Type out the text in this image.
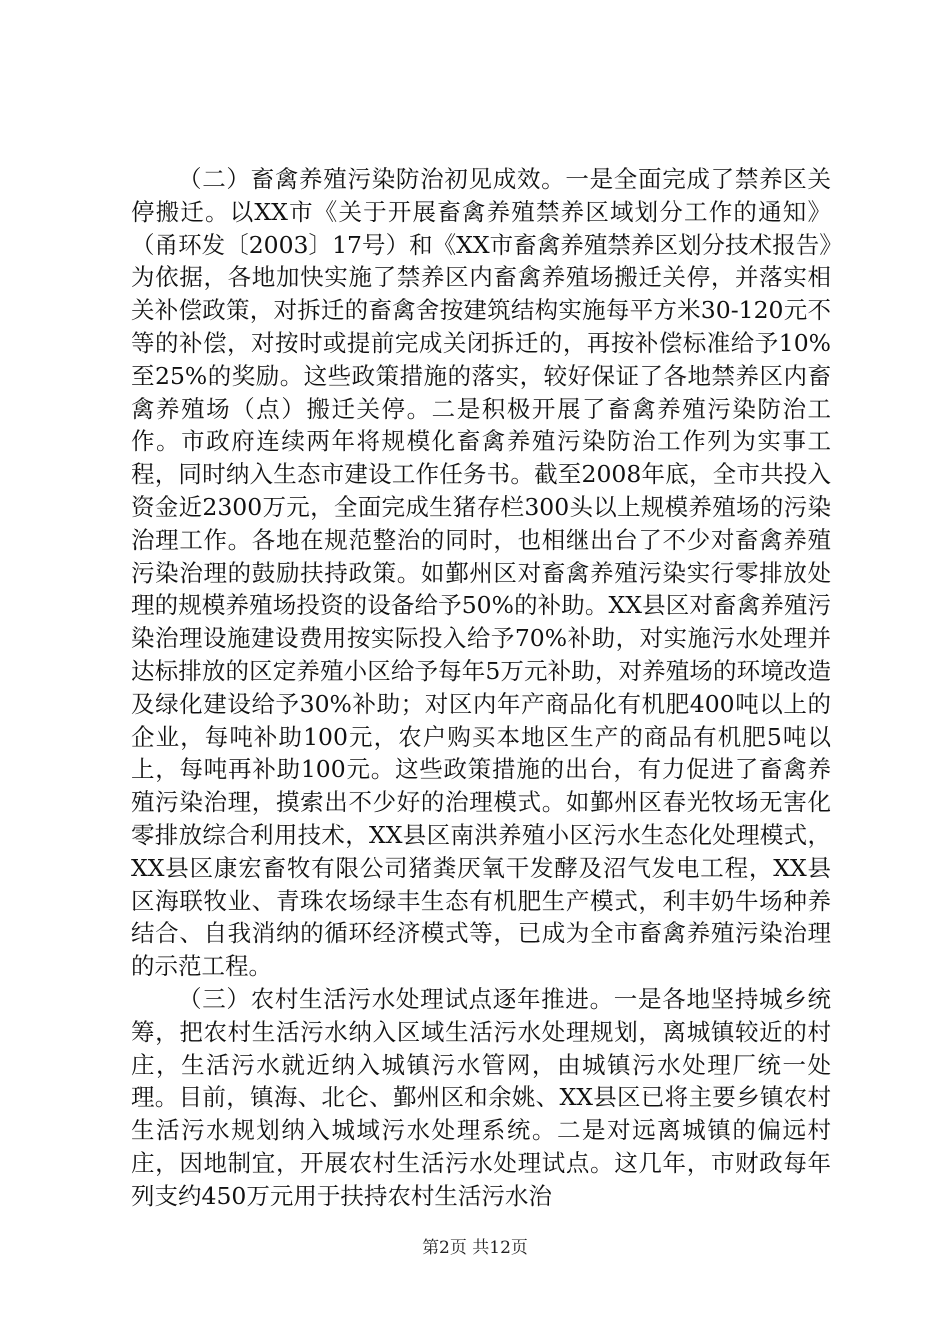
（二）畜禽养殖污染防治初见成效。一是全面完成了禁养区关停搬迁。以XX市《关于开展畜禽养殖禁养区域划分工作的通知》（甬环发〔2003〕17号）和《XX市畜禽养殖禁养区划分技术报告》为依据，各地加快实施了禁养区内畜禽养殖场搬迁关停，并落实相关补偿政策，对拆迁的畜禽舍按建筑结构实施每平方米30-120元不等的补偿，对按时或提前完成关闭拆迁的，再按补偿标准给予10%至25%的奖励。这些政策措施的落实，较好保证了各地禁养区内畜禽养殖场（点）搬迁关停。二是积极开展了畜禽养殖污染防治工作。市政府连续两年将规模化畜禽养殖污染防治工作列为实事工程，同时纳入生态市建设工作任务书。截至2008年底，全市共投入资金近2300万元，全面完成生猪存栏300头以上规模养殖场的污染治理工作。各地在规范整治的同时，也相继出台了不少对畜禽养殖污染治理的鼓励扶持政策。如鄞州区对畜禽养殖污染实行零排放处理的规模养殖场投资的设备给予50%的补助。XX县区对畜禽养殖污染治理设施建设费用按实际投入给予70%补助，对实施污水处理并达标排放的区定养殖小区给予每年5万元补助，对养殖场的环境改造及绿化建设给予30%补助；对区内年产商品化有机肥400吨以上的企业，每吨补助100元，农户购买本地区生产的商品有机肥5吨以上，每吨再补助100元。这些政策措施的出台，有力促进了畜禽养殖污染治理，摸索出不少好的治理模式。如鄞州区春光牧场无害化零排放综合利用技术，XX县区南洪养殖小区污水生态化处理模式，XX县区康宏畜牧有限公司猪粪厌氧干发酵及沼气发电工程，XX县区海联牧业、青珠农场绿丰生态有机肥生产模式，利丰奶牛场种养结合、自我消纳的循环经济模式等，已成为全市畜禽养殖污染治理的示范工程。

（三）农村生活污水处理试点逐年推进。一是各地坚持城乡统筹，把农村生活污水纳入区域生活污水处理规划，离城镇较近的村庄，生活污水就近纳入城镇污水管网，由城镇污水处理厂统一处理。目前，镇海、北仑、鄞州区和余姚、XX县区已将主要乡镇农村生活污水规划纳入城域污水处理系统。二是对远离城镇的偏远村庄，因地制宜，开展农村生活污水处理试点。这几年，市财政每年列支约450万元用于扶持农村生活污水治

第2页 共12页
